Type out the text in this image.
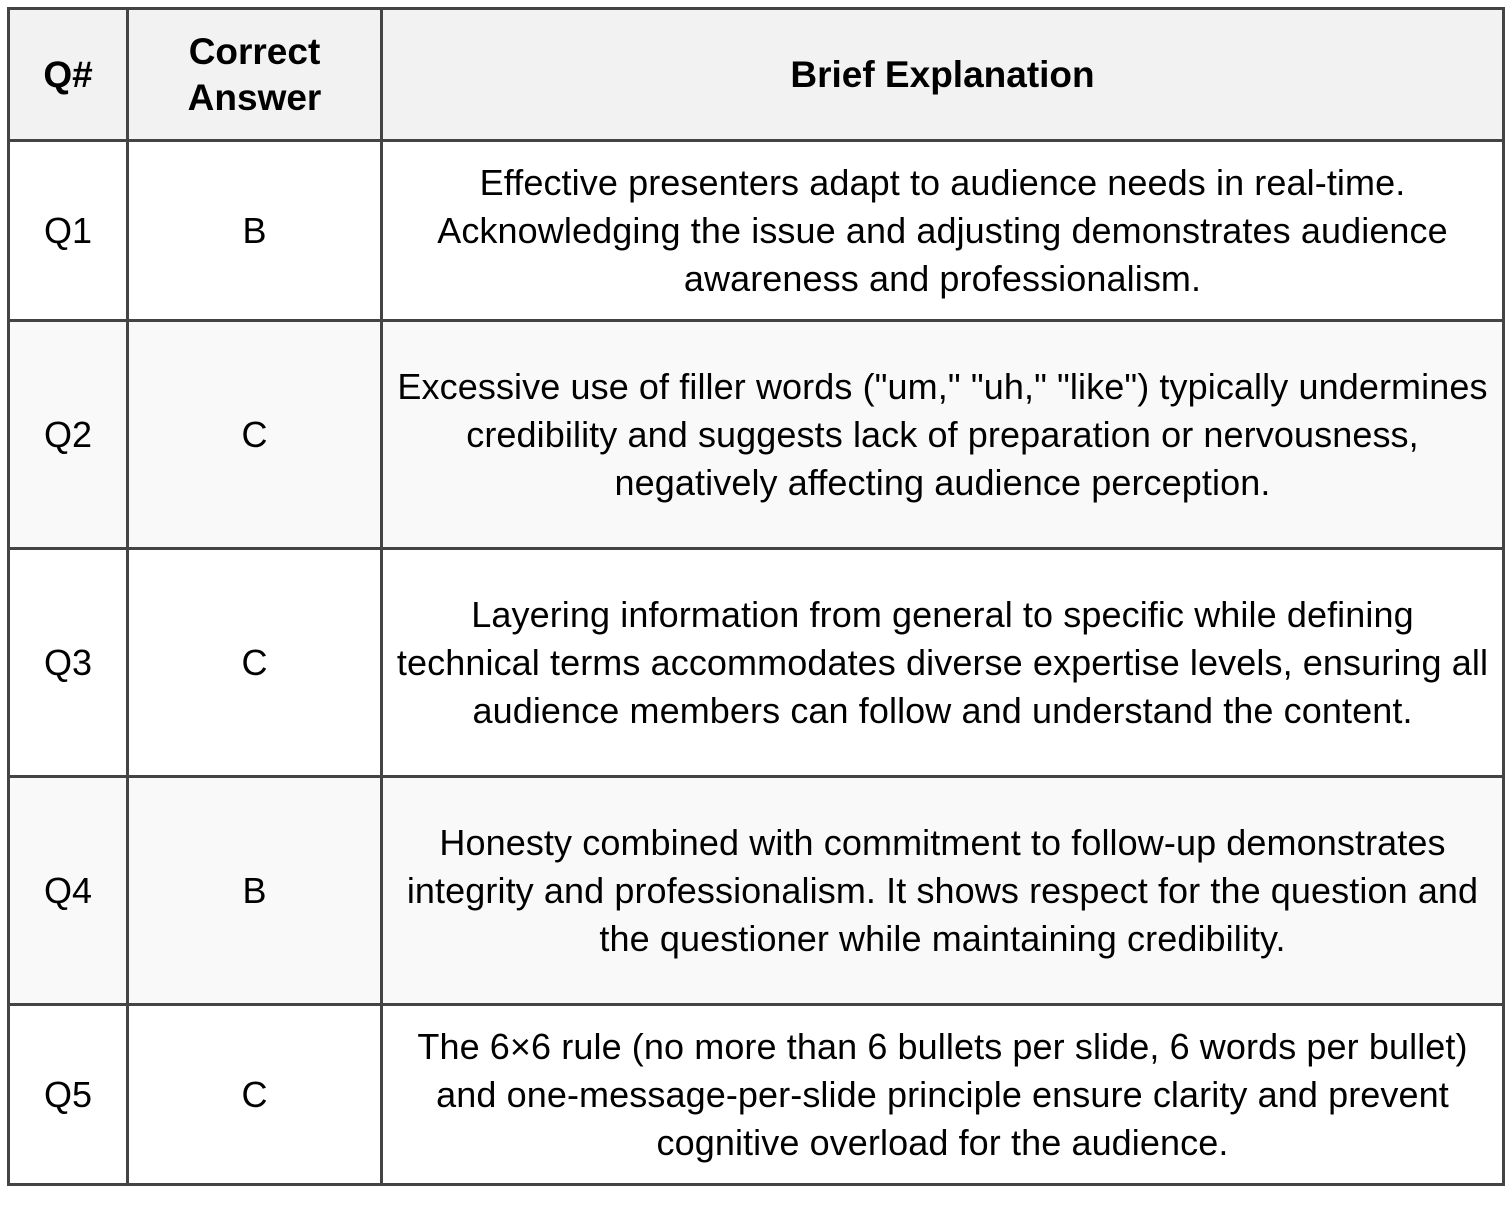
Q#	Correct Answer	Brief Explanation
Q1	B	Effective presenters adapt to audience needs in real-time. Acknowledging the issue and adjusting demonstrates audience awareness and professionalism.
Q2	C	Excessive use of filler words ("um," "uh," "like") typically undermines credibility and suggests lack of preparation or nervousness, negatively affecting audience perception.
Q3	C	Layering information from general to specific while defining technical terms accommodates diverse expertise levels, ensuring all audience members can follow and understand the content.
Q4	B	Honesty combined with commitment to follow-up demonstrates integrity and professionalism. It shows respect for the question and the questioner while maintaining credibility.
Q5	C	The 6×6 rule (no more than 6 bullets per slide, 6 words per bullet) and one-message-per-slide principle ensure clarity and prevent cognitive overload for the audience.
